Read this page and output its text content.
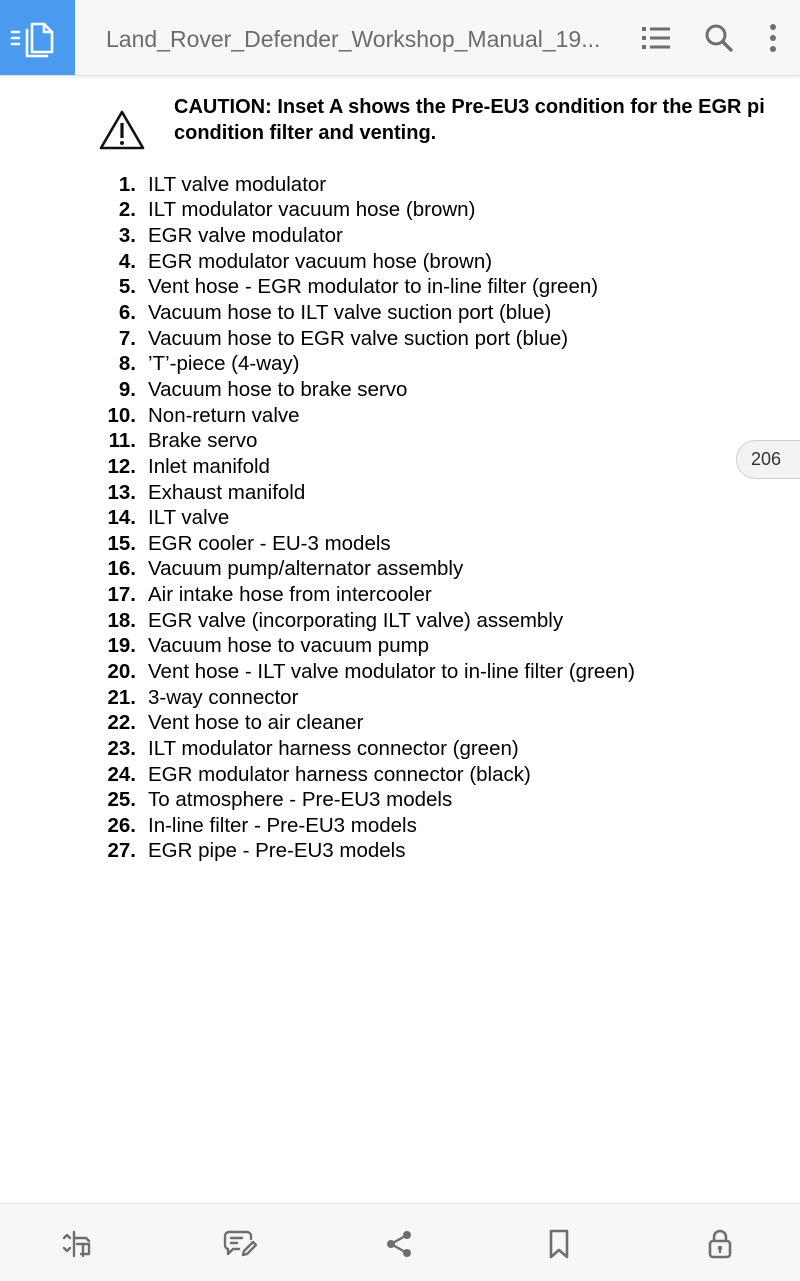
Land_Rover_Defender_Workshop_Manual_19...
CAUTION: Inset A shows the Pre-EU3 condition for the EGR pi
condition filter and venting.
1. ILT valve modulator
2. ILT modulator vacuum hose (brown)
3. EGR valve modulator
4. EGR modulator vacuum hose (brown)
5. Vent hose - EGR modulator to in-line filter (green)
6. Vacuum hose to ILT valve suction port (blue)
7. Vacuum hose to EGR valve suction port (blue)
8. ’T’-piece (4-way)
9. Vacuum hose to brake servo
10. Non-return valve
11. Brake servo
12. Inlet manifold
13. Exhaust manifold
14. ILT valve
15. EGR cooler - EU-3 models
16. Vacuum pump/alternator assembly
17. Air intake hose from intercooler
18. EGR valve (incorporating ILT valve) assembly
19. Vacuum hose to vacuum pump
20. Vent hose - ILT valve modulator to in-line filter (green)
21. 3-way connector
22. Vent hose to air cleaner
23. ILT modulator harness connector (green)
24. EGR modulator harness connector (black)
25. To atmosphere - Pre-EU3 models
26. In-line filter - Pre-EU3 models
27. EGR pipe - Pre-EU3 models
206
